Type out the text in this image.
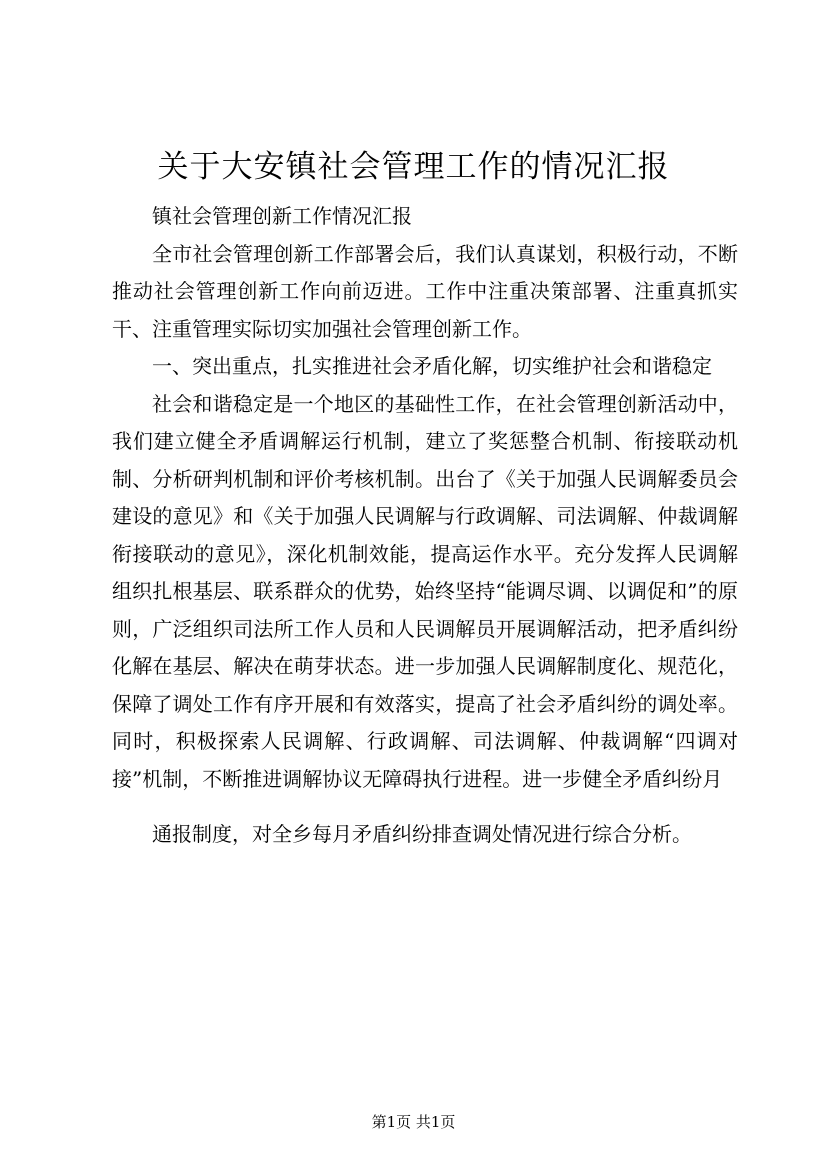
关于大安镇社会管理工作的情况汇报

镇社会管理创新工作情况汇报

全市社会管理创新工作部署会后，我们认真谋划，积极行动，不断推动社会管理创新工作向前迈进。工作中注重决策部署、注重真抓实干、注重管理实际切实加强社会管理创新工作。

一、突出重点，扎实推进社会矛盾化解，切实维护社会和谐稳定

社会和谐稳定是一个地区的基础性工作，在社会管理创新活动中，我们建立健全矛盾调解运行机制，建立了奖惩整合机制、衔接联动机制、分析研判机制和评价考核机制。出台了《关于加强人民调解委员会建设的意见》和《关于加强人民调解与行政调解、司法调解、仲裁调解衔接联动的意见》，深化机制效能，提高运作水平。充分发挥人民调解组织扎根基层、联系群众的优势，始终坚持“能调尽调、以调促和”的原则，广泛组织司法所工作人员和人民调解员开展调解活动，把矛盾纠纷化解在基层、解决在萌芽状态。进一步加强人民调解制度化、规范化，保障了调处工作有序开展和有效落实，提高了社会矛盾纠纷的调处率。同时，积极探索人民调解、行政调解、司法调解、仲裁调解“四调对接”机制，不断推进调解协议无障碍执行进程。进一步健全矛盾纠纷月

通报制度，对全乡每月矛盾纠纷排查调处情况进行综合分析。

第1页 共1页
